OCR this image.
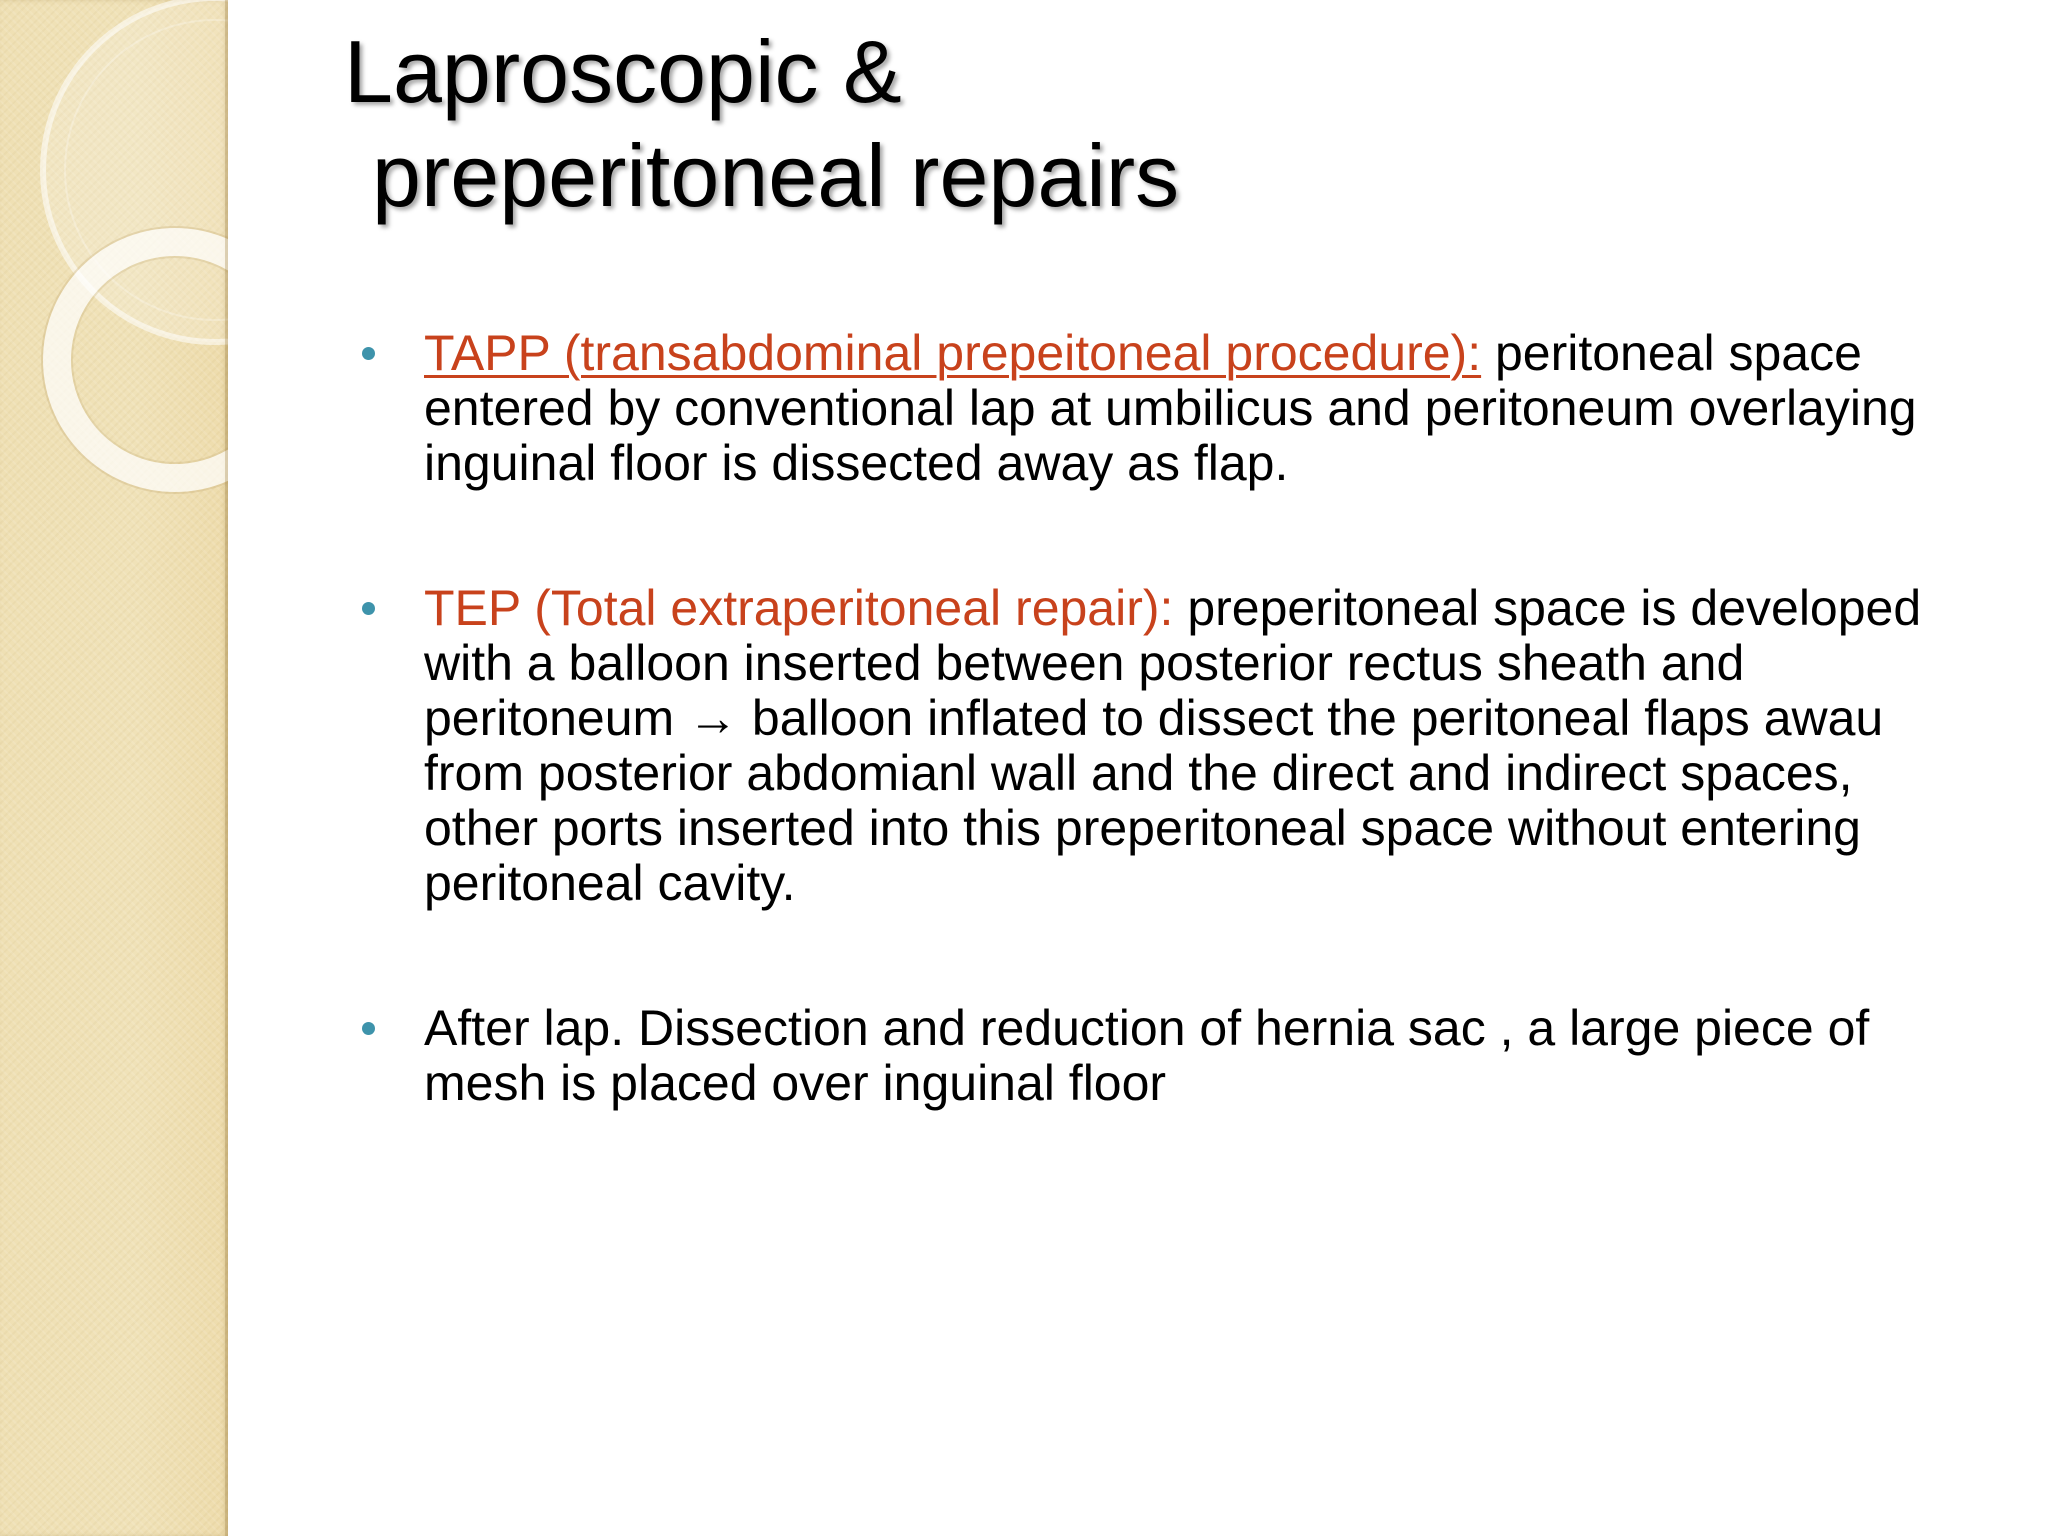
Laproscopic &
preperitoneal repairs
TAPP (transabdominal prepeitoneal procedure): peritoneal space entered by conventional lap at umbilicus and peritoneum overlaying inguinal floor is dissected away as flap.
TEP (Total extraperitoneal repair): preperitoneal space is developed with a balloon inserted between posterior rectus sheath and peritoneum → balloon inflated to dissect the peritoneal flaps awau from posterior abdomianl wall and the direct and indirect spaces, other ports inserted into this preperitoneal space without entering peritoneal cavity.
After lap. Dissection and reduction of hernia sac , a large piece of mesh is placed over inguinal floor
